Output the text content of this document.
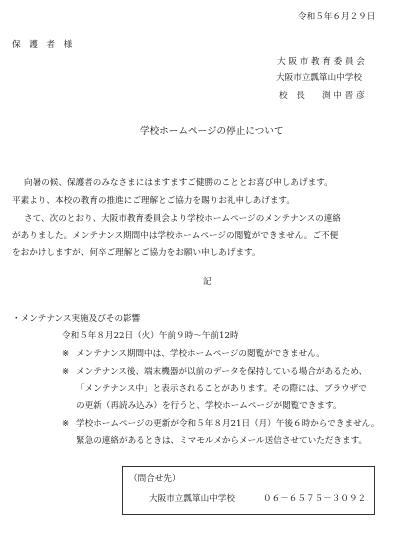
令和５年６月２９日
保　護　者　様
大 阪 市 教 育 委 員 会
大阪市立瓢箪山中学校
校　長　　渕 中 晋 彦
学校ホームページの停止について
向暑の候、保護者のみなさまにはますますご健勝のこととお喜び申しあげます。
平素より、本校の教育の推進にご理解とご協力を賜りお礼申しあげます。
さて、次のとおり、大阪市教育委員会より学校ホームページのメンテナンスの連絡
がありました。メンテナンス期間中は学校ホームページの閲覧ができません。ご不便
をおかけしますが、何卒ご理解とご協力をお願い申しあげます。
記
・メンテナンス実施及びその影響
令和５年８月22日（火）午前９時～午前12時
※ メンテナンス期間中は、学校ホームページの閲覧ができません。
※ メンテナンス後、端末機器が以前のデータを保持している場合があるため、
「メンテナンス中」と表示されることがあります。その際には、ブラウザで
の更新（再読み込み）を行うと、学校ホームページが閲覧できます。
※ 学校ホームページの更新が令和５年８月21日（月）午後６時からできません。
緊急の連絡があるときは、ミマモルメからメール送信させていただきます。
（問合せ先）
大阪市立瓢箪山中学校	０６－６５７５－３０９２
